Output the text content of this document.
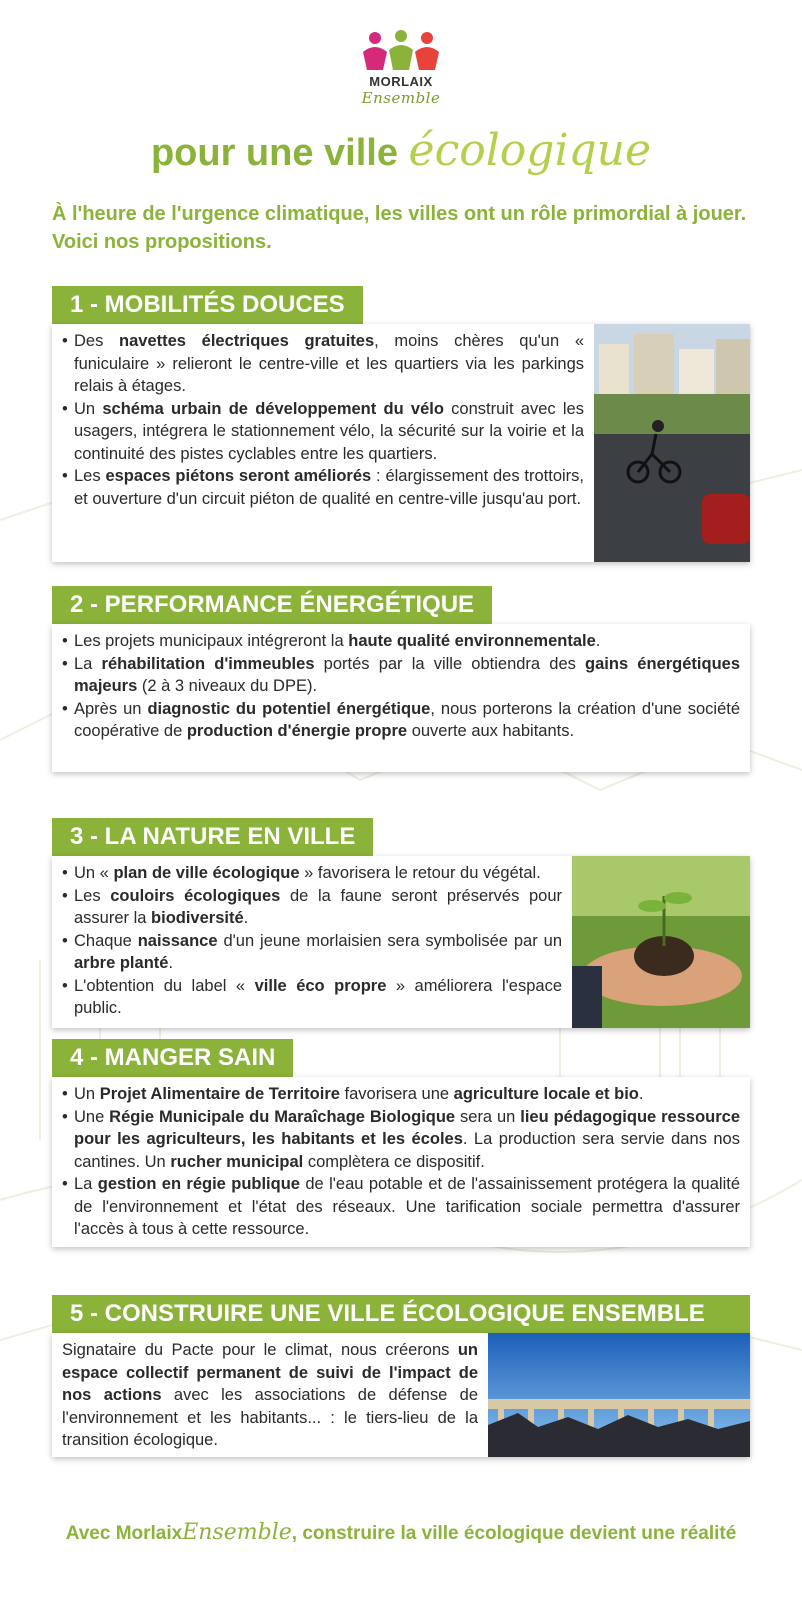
MORLAIX Ensemble
pour une ville écologique
À l'heure de l'urgence climatique, les villes ont un rôle primordial à jouer. Voici nos propositions.
1 - MOBILITÉS DOUCES
• Des navettes électriques gratuites, moins chères qu'un « funiculaire » relieront le centre-ville et les quartiers via les parkings relais à étages.
• Un schéma urbain de développement du vélo construit avec les usagers, intégrera le stationnement vélo, la sécurité sur la voirie et la continuité des pistes cyclables entre les quartiers.
• Les espaces piétons seront améliorés : élargissement des trottoirs, et ouverture d'un circuit piéton de qualité en centre-ville jusqu'au port.
2 - PERFORMANCE ÉNERGÉTIQUE
• Les projets municipaux intégreront la haute qualité environnementale.
• La réhabilitation d'immeubles portés par la ville obtiendra des gains énergétiques majeurs (2 à 3 niveaux du DPE).
• Après un diagnostic du potentiel énergétique, nous porterons la création d'une société coopérative de production d'énergie propre ouverte aux habitants.
3 - LA NATURE EN VILLE
• Un « plan de ville écologique » favorisera le retour du végétal.
• Les couloirs écologiques de la faune seront préservés pour assurer la biodiversité.
• Chaque naissance d'un jeune morlaisien sera symbolisée par un arbre planté.
• L'obtention du label « ville éco propre » améliorera l'espace public.
4 - MANGER SAIN
• Un Projet Alimentaire de Territoire favorisera une agriculture locale et bio.
• Une Régie Municipale du Maraîchage Biologique sera un lieu pédagogique ressource pour les agriculteurs, les habitants et les écoles. La production sera servie dans nos cantines. Un rucher municipal complètera ce dispositif.
• La gestion en régie publique de l'eau potable et de l'assainissement protégera la qualité de l'environnement et l'état des réseaux. Une tarification sociale permettra d'assurer l'accès à tous à cette ressource.
5 - CONSTRUIRE UNE VILLE ÉCOLOGIQUE ENSEMBLE

Signataire du Pacte pour le climat, nous créerons un espace collectif permanent de suivi de l'impact de nos actions avec les associations de défense de l'environnement et les habitants... : le tiers-lieu de la transition écologique.

Avec MorlaixEnsemble, construire la ville écologique devient une réalité
